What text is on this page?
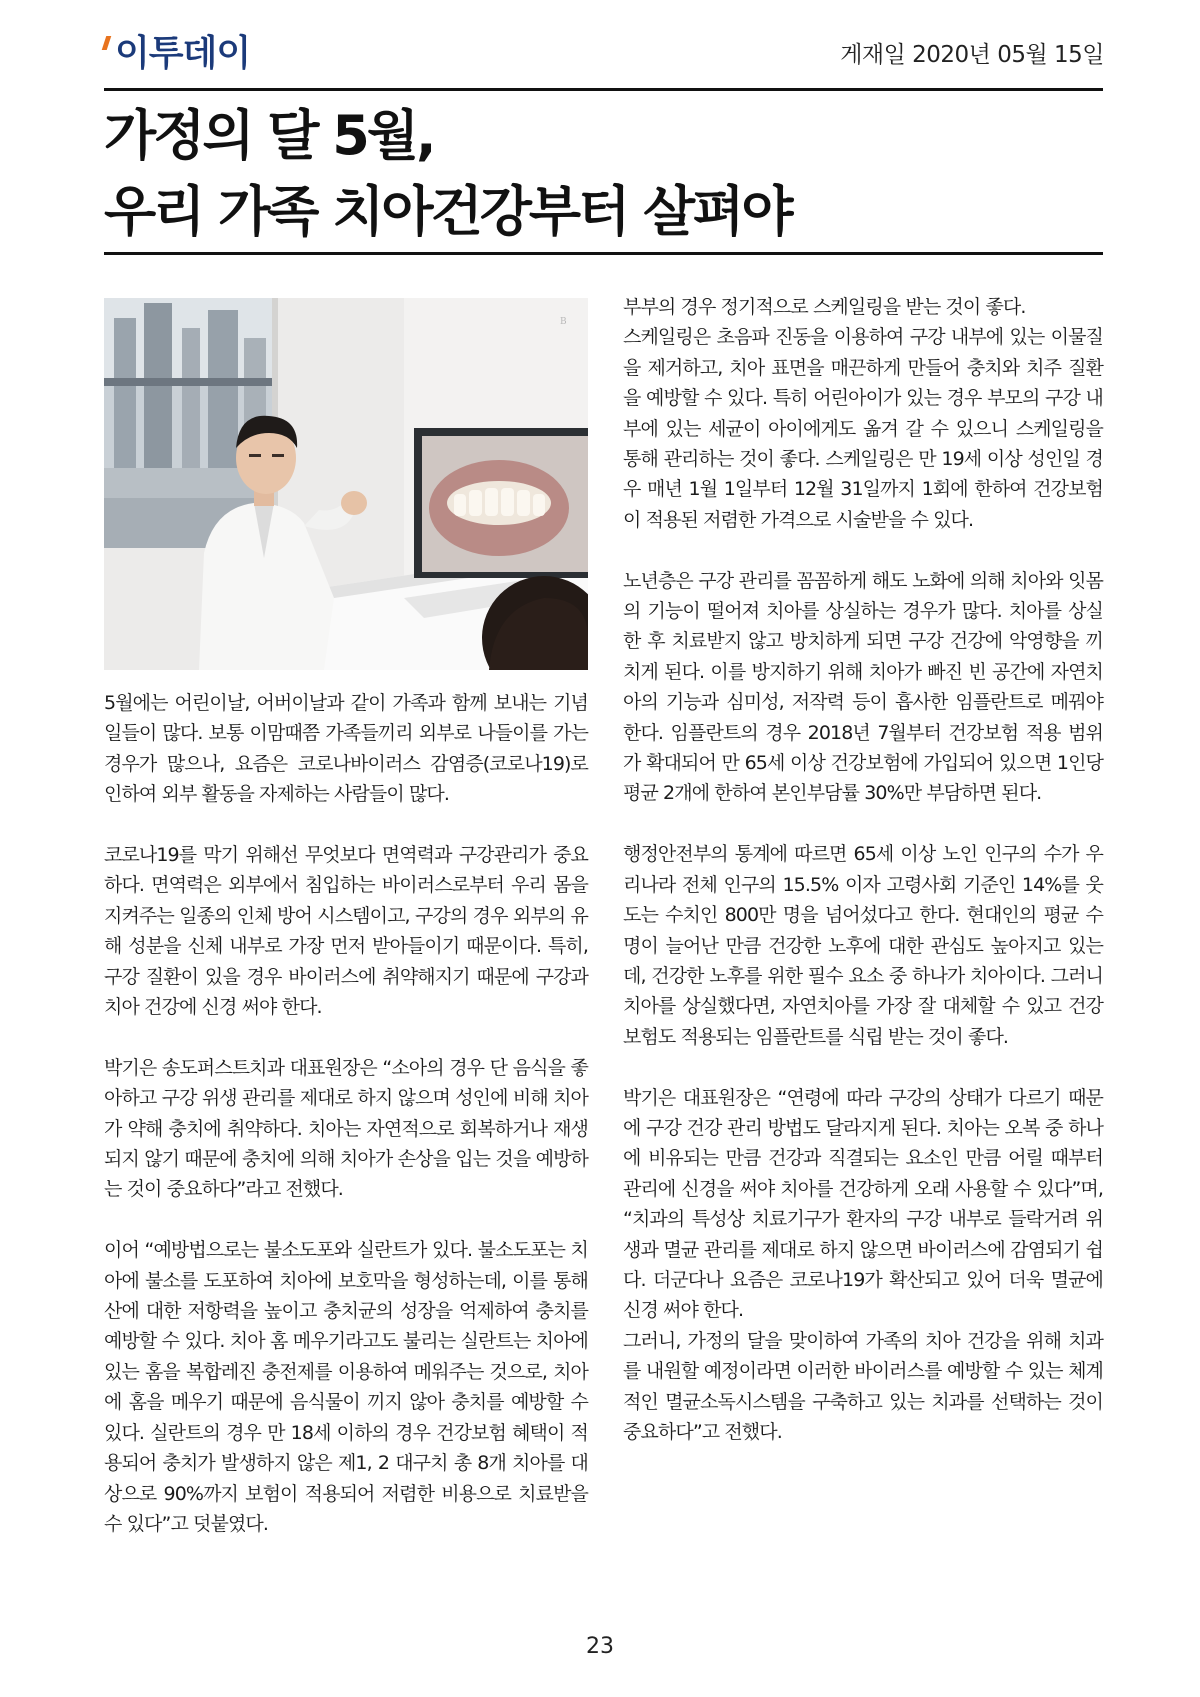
이투데이	게재일 2020년 05월 15일
가정의 달 5월,
우리 가족 치아건강부터 살펴야
B

5월에는 어린이날, 어버이날과 같이 가족과 함께 보내는 기념일들이 많다. 보통 이맘때쯤 가족들끼리 외부로 나들이를 가는 경우가 많으나, 요즘은 코로나바이러스 감염증(코로나19)로 인하여 외부 활동을 자제하는 사람들이 많다.

코로나19를 막기 위해선 무엇보다 면역력과 구강관리가 중요하다. 면역력은 외부에서 침입하는 바이러스로부터 우리 몸을 지켜주는 일종의 인체 방어 시스템이고, 구강의 경우 외부의 유해 성분을 신체 내부로 가장 먼저 받아들이기 때문이다. 특히, 구강 질환이 있을 경우 바이러스에 취약해지기 때문에 구강과 치아 건강에 신경 써야 한다.

박기은 송도퍼스트치과 대표원장은 “소아의 경우 단 음식을 좋아하고 구강 위생 관리를 제대로 하지 않으며 성인에 비해 치아가 약해 충치에 취약하다. 치아는 자연적으로 회복하거나 재생되지 않기 때문에 충치에 의해 치아가 손상을 입는 것을 예방하는 것이 중요하다”라고 전했다.

이어 “예방법으로는 불소도포와 실란트가 있다. 불소도포는 치아에 불소를 도포하여 치아에 보호막을 형성하는데, 이를 통해 산에 대한 저항력을 높이고 충치균의 성장을 억제하여 충치를 예방할 수 있다. 치아 홈 메우기라고도 불리는 실란트는 치아에 있는 홈을 복합레진 충전제를 이용하여 메워주는 것으로, 치아에 홈을 메우기 때문에 음식물이 끼지 않아 충치를 예방할 수 있다. 실란트의 경우 만 18세 이하의 경우 건강보험 혜택이 적용되어 충치가 발생하지 않은 제1, 2 대구치 총 8개 치아를 대상으로 90%까지 보험이 적용되어 저렴한 비용으로 치료받을 수 있다”고 덧붙였다.

부부의 경우 정기적으로 스케일링을 받는 것이 좋다.

스케일링은 초음파 진동을 이용하여 구강 내부에 있는 이물질을 제거하고, 치아 표면을 매끈하게 만들어 충치와 치주 질환을 예방할 수 있다. 특히 어린아이가 있는 경우 부모의 구강 내부에 있는 세균이 아이에게도 옮겨 갈 수 있으니 스케일링을 통해 관리하는 것이 좋다. 스케일링은 만 19세 이상 성인일 경우 매년 1월 1일부터 12월 31일까지 1회에 한하여 건강보험이 적용된 저렴한 가격으로 시술받을 수 있다.

노년층은 구강 관리를 꼼꼼하게 해도 노화에 의해 치아와 잇몸의 기능이 떨어져 치아를 상실하는 경우가 많다. 치아를 상실한 후 치료받지 않고 방치하게 되면 구강 건강에 악영향을 끼치게 된다. 이를 방지하기 위해 치아가 빠진 빈 공간에 자연치아의 기능과 심미성, 저작력 등이 흡사한 임플란트로 메꿔야 한다. 임플란트의 경우 2018년 7월부터 건강보험 적용 범위가 확대되어 만 65세 이상 건강보험에 가입되어 있으면 1인당 평균 2개에 한하여 본인부담률 30%만 부담하면 된다.

행정안전부의 통계에 따르면 65세 이상 노인 인구의 수가 우리나라 전체 인구의 15.5% 이자 고령사회 기준인 14%를 웃도는 수치인 800만 명을 넘어섰다고 한다. 현대인의 평균 수명이 늘어난 만큼 건강한 노후에 대한 관심도 높아지고 있는데, 건강한 노후를 위한 필수 요소 중 하나가 치아이다. 그러니 치아를 상실했다면, 자연치아를 가장 잘 대체할 수 있고 건강보험도 적용되는 임플란트를 식립 받는 것이 좋다.

박기은 대표원장은 “연령에 따라 구강의 상태가 다르기 때문에 구강 건강 관리 방법도 달라지게 된다. 치아는 오복 중 하나에 비유되는 만큼 건강과 직결되는 요소인 만큼 어릴 때부터 관리에 신경을 써야 치아를 건강하게 오래 사용할 수 있다”며, “치과의 특성상 치료기구가 환자의 구강 내부로 들락거려 위생과 멸균 관리를 제대로 하지 않으면 바이러스에 감염되기 쉽다. 더군다나 요즘은 코로나19가 확산되고 있어 더욱 멸균에 신경 써야 한다.
그러니, 가정의 달을 맞이하여 가족의 치아 건강을 위해 치과를 내원할 예정이라면 이러한 바이러스를 예방할 수 있는 체계적인 멸균소독시스템을 구축하고 있는 치과를 선택하는 것이 중요하다”고 전했다.
23
